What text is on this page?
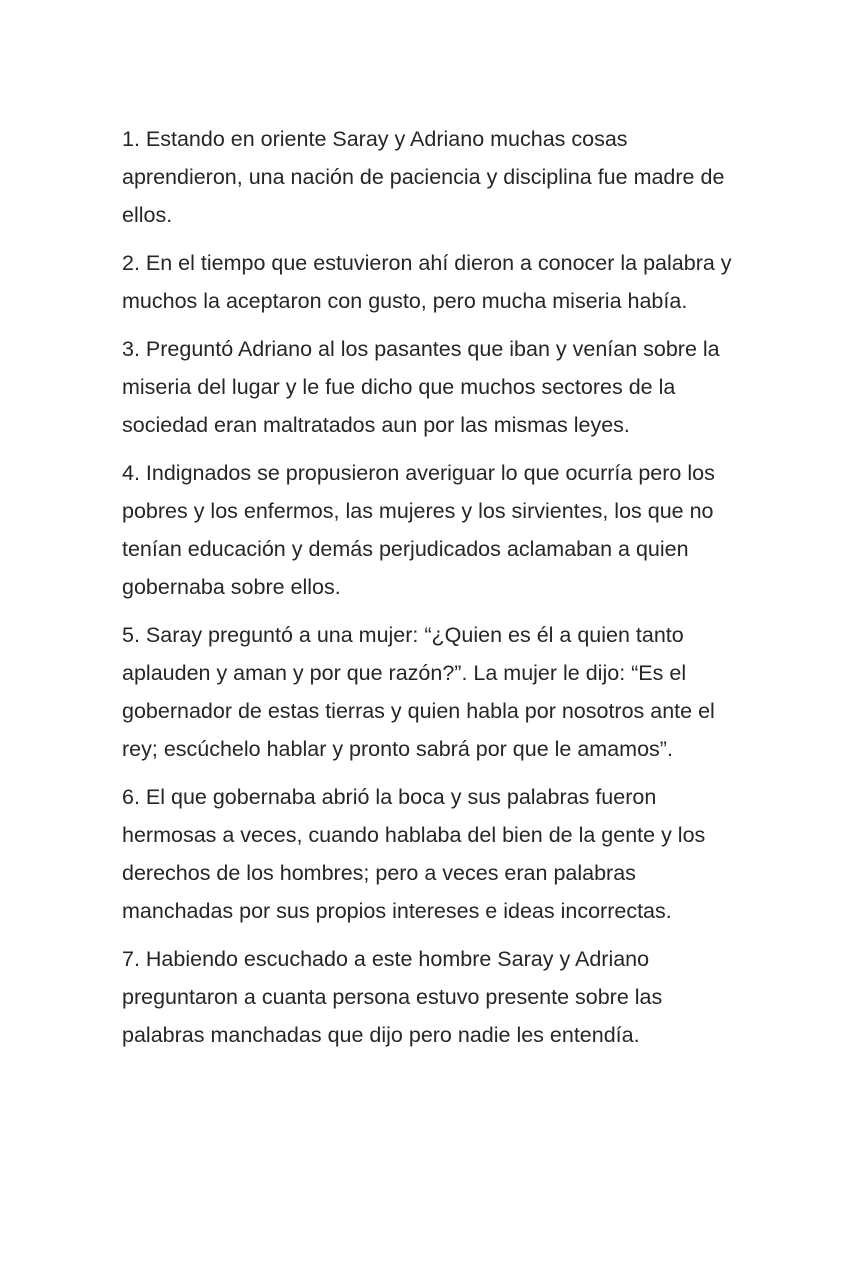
1. Estando en oriente Saray y Adriano muchas cosas aprendieron, una nación de paciencia y disciplina fue madre de ellos.

2. En el tiempo que estuvieron ahí dieron a conocer la palabra y muchos la aceptaron con gusto, pero mucha miseria había.

3. Preguntó Adriano al los pasantes que iban y venían sobre la miseria del lugar y le fue dicho que muchos sectores de la sociedad eran maltratados aun por las mismas leyes.

4. Indignados se propusieron averiguar lo que ocurría pero los pobres y los enfermos, las mujeres y los sirvientes, los que no tenían educación y demás perjudicados aclamaban a quien gobernaba sobre ellos.

5. Saray preguntó a una mujer: “¿Quien es él a quien tanto aplauden y aman y por que razón?”. La mujer le dijo: “Es el gobernador de estas tierras y quien habla por nosotros ante el rey; escúchelo hablar y pronto sabrá por que le amamos”.

6. El que gobernaba abrió la boca y sus palabras fueron hermosas a veces, cuando hablaba del bien de la gente y los derechos de los hombres; pero a veces eran palabras manchadas por sus propios intereses e ideas incorrectas.

7. Habiendo escuchado a este hombre Saray y Adriano preguntaron a cuanta persona estuvo presente sobre las palabras manchadas que dijo pero nadie les entendía.
